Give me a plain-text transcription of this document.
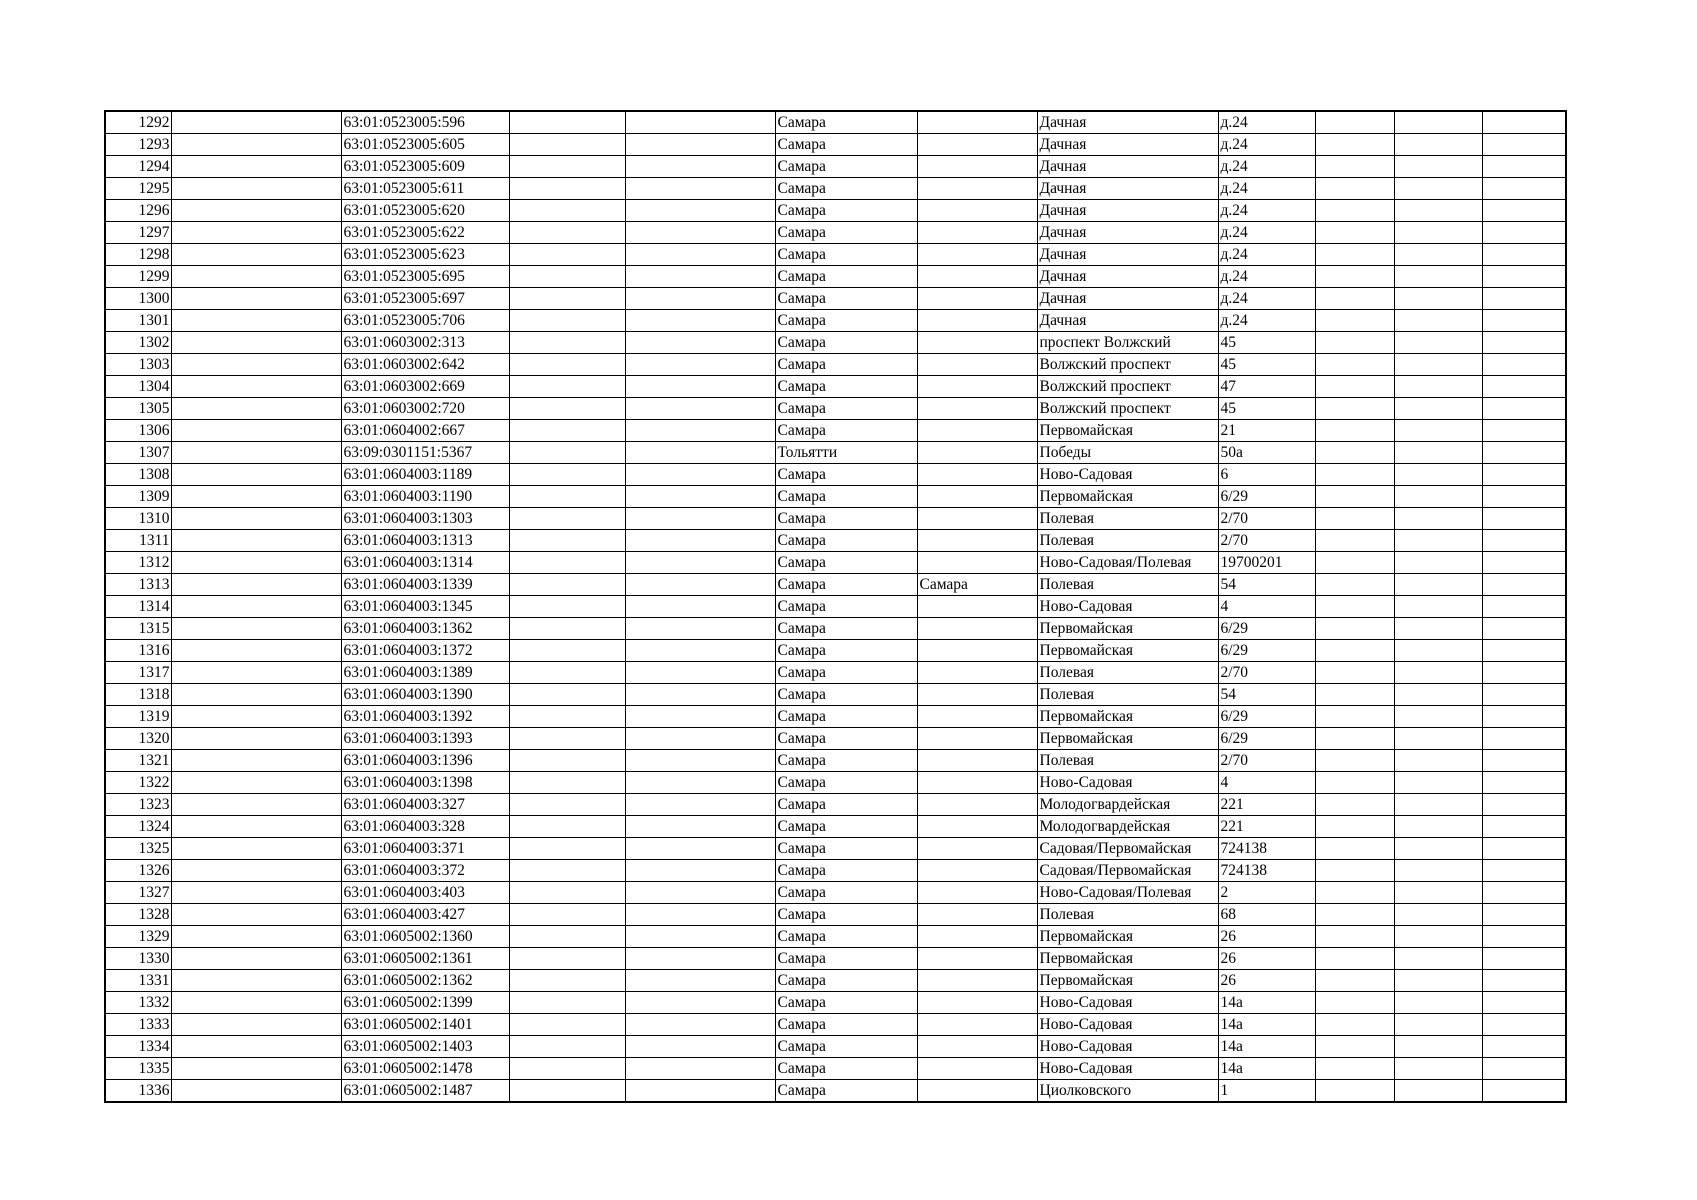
1292		63:01:0523005:596			Самара		Дачная	д.24			
1293		63:01:0523005:605			Самара		Дачная	д.24			
1294		63:01:0523005:609			Самара		Дачная	д.24			
1295		63:01:0523005:611			Самара		Дачная	д.24			
1296		63:01:0523005:620			Самара		Дачная	д.24			
1297		63:01:0523005:622			Самара		Дачная	д.24			
1298		63:01:0523005:623			Самара		Дачная	д.24			
1299		63:01:0523005:695			Самара		Дачная	д.24			
1300		63:01:0523005:697			Самара		Дачная	д.24			
1301		63:01:0523005:706			Самара		Дачная	д.24			
1302		63:01:0603002:313			Самара		проспект Волжский	45			
1303		63:01:0603002:642			Самара		Волжский проспект	45			
1304		63:01:0603002:669			Самара		Волжский проспект	47			
1305		63:01:0603002:720			Самара		Волжский проспект	45			
1306		63:01:0604002:667			Самара		Первомайская	21			
1307		63:09:0301151:5367			Тольятти		Победы	50а			
1308		63:01:0604003:1189			Самара		Ново-Садовая	6			
1309		63:01:0604003:1190			Самара		Первомайская	6/29			
1310		63:01:0604003:1303			Самара		Полевая	2/70			
1311		63:01:0604003:1313			Самара		Полевая	2/70			
1312		63:01:0604003:1314			Самара		Ново-Садовая/Полевая	19700201			
1313		63:01:0604003:1339			Самара	Самара	Полевая	54			
1314		63:01:0604003:1345			Самара		Ново-Садовая	4			
1315		63:01:0604003:1362			Самара		Первомайская	6/29			
1316		63:01:0604003:1372			Самара		Первомайская	6/29			
1317		63:01:0604003:1389			Самара		Полевая	2/70			
1318		63:01:0604003:1390			Самара		Полевая	54			
1319		63:01:0604003:1392			Самара		Первомайская	6/29			
1320		63:01:0604003:1393			Самара		Первомайская	6/29			
1321		63:01:0604003:1396			Самара		Полевая	2/70			
1322		63:01:0604003:1398			Самара		Ново-Садовая	4			
1323		63:01:0604003:327			Самара		Молодогвардейская	221			
1324		63:01:0604003:328			Самара		Молодогвардейская	221			
1325		63:01:0604003:371			Самара		Садовая/Первомайская	724138			
1326		63:01:0604003:372			Самара		Садовая/Первомайская	724138			
1327		63:01:0604003:403			Самара		Ново-Садовая/Полевая	2			
1328		63:01:0604003:427			Самара		Полевая	68			
1329		63:01:0605002:1360			Самара		Первомайская	26			
1330		63:01:0605002:1361			Самара		Первомайская	26			
1331		63:01:0605002:1362			Самара		Первомайская	26			
1332		63:01:0605002:1399			Самара		Ново-Садовая	14а			
1333		63:01:0605002:1401			Самара		Ново-Садовая	14а			
1334		63:01:0605002:1403			Самара		Ново-Садовая	14а			
1335		63:01:0605002:1478			Самара		Ново-Садовая	14а			
1336		63:01:0605002:1487			Самара		Циолковского	1			
